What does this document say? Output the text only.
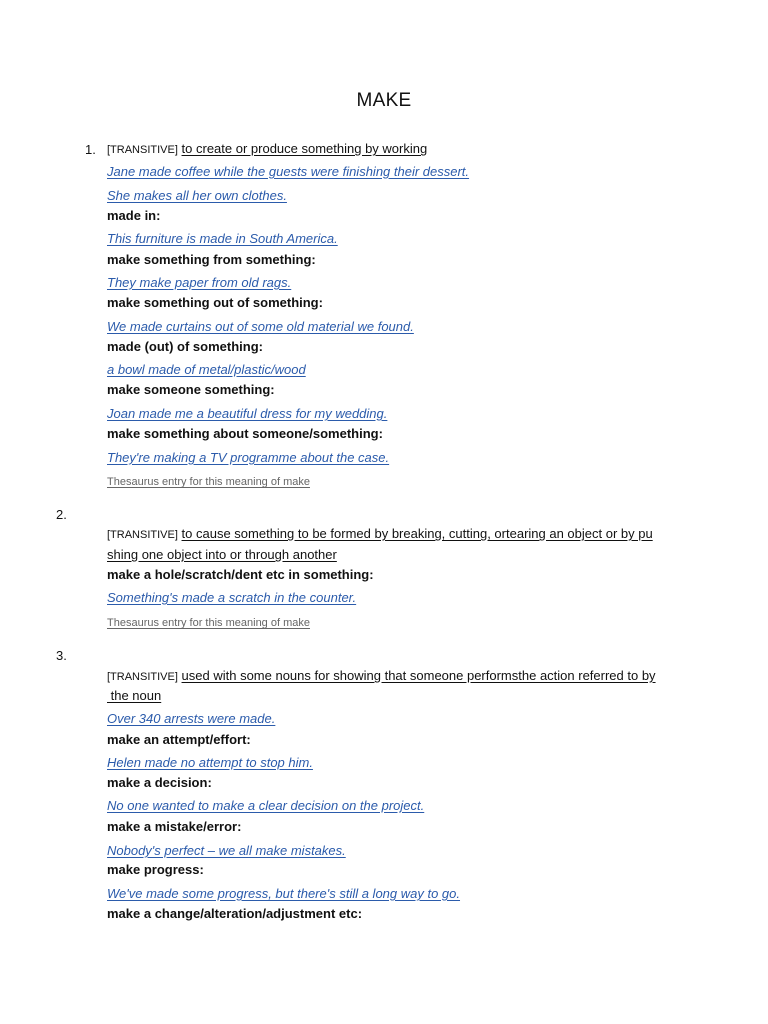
MAKE
1. [TRANSITIVE] to create or produce something by working
Jane made coffee while the guests were finishing their dessert.
She makes all her own clothes.
made in:
This furniture is made in South America.
make something from something:
They make paper from old rags.
make something out of something:
We made curtains out of some old material we found.
made (out) of something:
a bowl made of metal/plastic/wood
make someone something:
Joan made me a beautiful dress for my wedding.
make something about someone/something:
They're making a TV programme about the case.
Thesaurus entry for this meaning of make
2.
[TRANSITIVE] to cause something to be formed by breaking, cutting, ortearing an object or by pu
shing one object into or through another
make a hole/scratch/dent etc in something:
Something's made a scratch in the counter.
Thesaurus entry for this meaning of make
3.
[TRANSITIVE] used with some nouns for showing that someone performsthe action referred to by
the noun
Over 340 arrests were made.
make an attempt/effort:
Helen made no attempt to stop him.
make a decision:
No one wanted to make a clear decision on the project.
make a mistake/error:
Nobody's perfect – we all make mistakes.
make progress:
We've made some progress, but there's still a long way to go.
make a change/alteration/adjustment etc:
